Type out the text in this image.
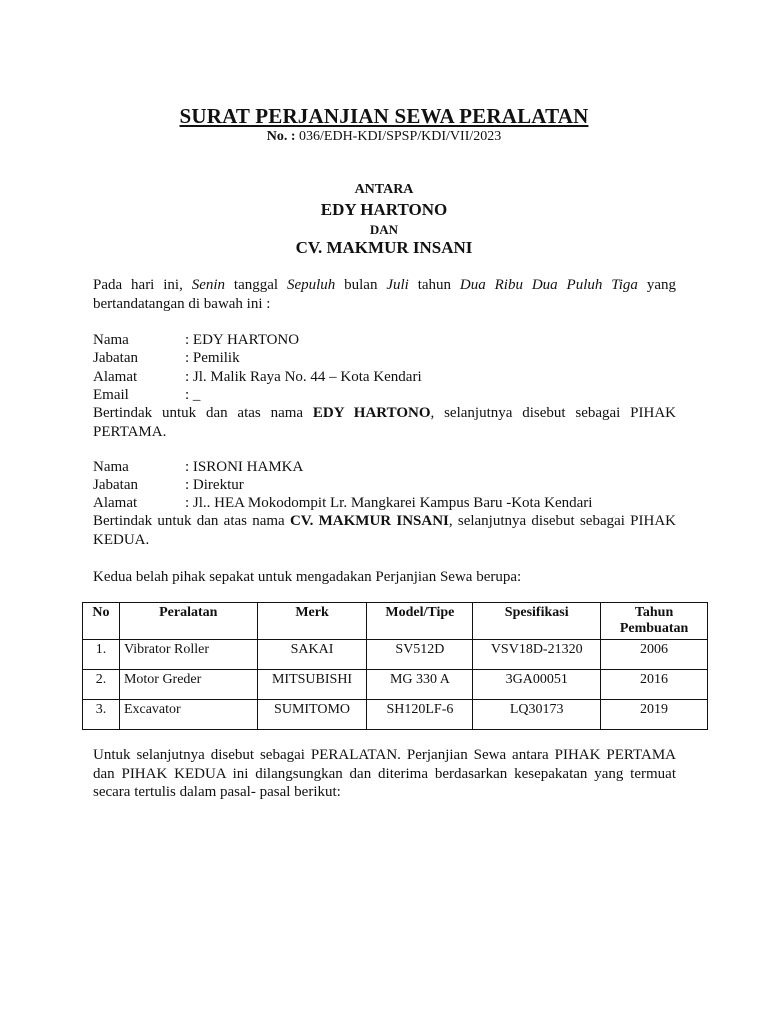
SURAT PERJANJIAN SEWA PERALATAN
No. : 036/EDH-KDI/SPSP/KDI/VII/2023
ANTARA
EDY HARTONO
DAN
CV. MAKMUR INSANI
Pada hari ini, Senin tanggal Sepuluh bulan Juli tahun Dua Ribu Dua Puluh Tiga yang bertandatangan di bawah ini :
Nama	: EDY HARTONO
Jabatan	: Pemilik
Alamat	: Jl. Malik Raya No. 44 – Kota Kendari
Email	: _
Bertindak untuk dan atas nama EDY HARTONO, selanjutnya disebut sebagai PIHAK PERTAMA.
Nama	: ISRONI HAMKA
Jabatan	: Direktur
Alamat	: Jl.. HEA Mokodompit Lr. Mangkarei Kampus Baru -Kota Kendari
Bertindak untuk dan atas nama CV. MAKMUR INSANI, selanjutnya disebut sebagai PIHAK KEDUA.
Kedua belah pihak sepakat untuk mengadakan Perjanjian Sewa berupa:
No	Peralatan	Merk	Model/Tipe	Spesifikasi	Tahun Pembuatan
1.	Vibrator Roller	SAKAI	SV512D	VSV18D-21320	2006
2.	Motor Greder	MITSUBISHI	MG 330 A	3GA00051	2016
3.	Excavator	SUMITOMO	SH120LF-6	LQ30173	2019
Untuk selanjutnya disebut sebagai PERALATAN. Perjanjian Sewa antara PIHAK PERTAMA dan PIHAK KEDUA ini dilangsungkan dan diterima berdasarkan kesepakatan yang termuat secara tertulis dalam pasal- pasal berikut:
